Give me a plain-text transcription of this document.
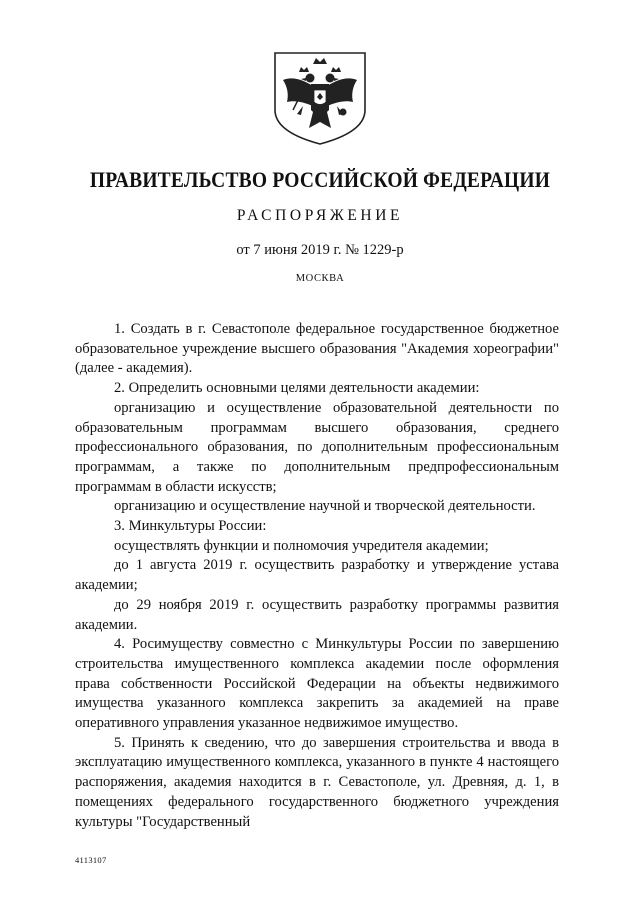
ПРАВИТЕЛЬСТВО РОССИЙСКОЙ ФЕДЕРАЦИИ
РАСПОРЯЖЕНИЕ
от 7 июня 2019 г. № 1229-р
МОСКВА

1. Создать в г. Севастополе федеральное государственное бюджетное образовательное учреждение высшего образования "Академия хореографии" (далее - академия).

2. Определить основными целями деятельности академии:

организацию и осуществление образовательной деятельности по образовательным программам высшего образования, среднего профессионального образования, по дополнительным профессиональным программам, а также по дополнительным предпрофессиональным программам в области искусств;

организацию и осуществление научной и творческой деятельности.

3. Минкультуры России:

осуществлять функции и полномочия учредителя академии;

до 1 августа 2019 г. осуществить разработку и утверждение устава академии;

до 29 ноября 2019 г. осуществить разработку программы развития академии.

4. Росимуществу совместно с Минкультуры России по завершению строительства имущественного комплекса академии после оформления права собственности Российской Федерации на объекты недвижимого имущества указанного комплекса закрепить за академией на праве оперативного управления указанное недвижимое имущество.

5. Принять к сведению, что до завершения строительства и ввода в эксплуатацию имущественного комплекса, указанного в пункте 4 настоящего распоряжения, академия находится в г. Севастополе, ул. Древняя, д. 1, в помещениях федерального государственного бюджетного учреждения культуры "Государственный

4113107
